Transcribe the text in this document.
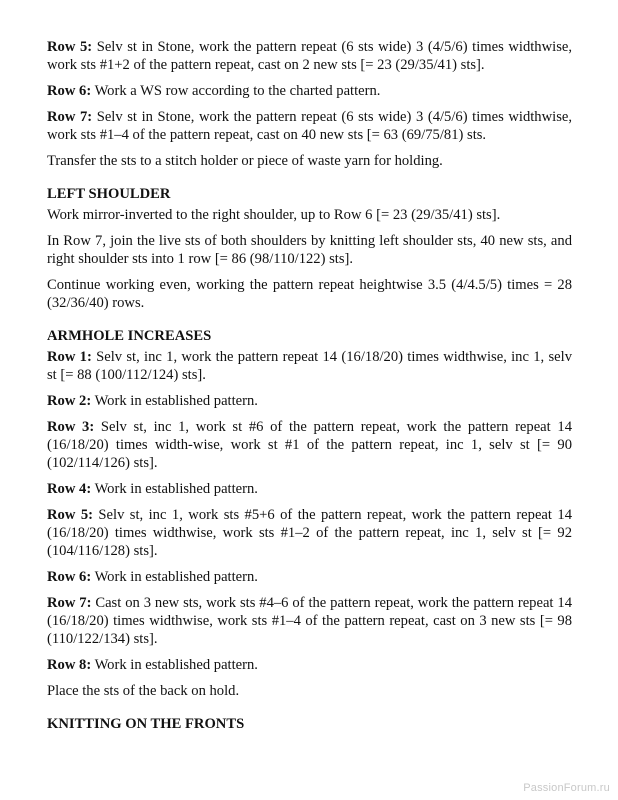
Row 5: Selv st in Stone, work the pattern repeat (6 sts wide) 3 (4/5/6) times widthwise, work sts #1+2 of the pattern repeat, cast on 2 new sts [= 23 (29/35/41) sts].

Row 6: Work a WS row according to the charted pattern.

Row 7: Selv st in Stone, work the pattern repeat (6 sts wide) 3 (4/5/6) times widthwise, work sts #1–4 of the pattern repeat, cast on 40 new sts [= 63 (69/75/81) sts.

Transfer the sts to a stitch holder or piece of waste yarn for holding.

LEFT SHOULDER

Work mirror-inverted to the right shoulder, up to Row 6 [= 23 (29/35/41) sts].

In Row 7, join the live sts of both shoulders by knitting left shoulder sts, 40 new sts, and right shoulder sts into 1 row [= 86 (98/110/122) sts].

Continue working even, working the pattern repeat heightwise 3.5 (4/4.5/5) times = 28 (32/36/40) rows.

ARMHOLE INCREASES

Row 1: Selv st, inc 1, work the pattern repeat 14 (16/18/20) times widthwise, inc 1, selv st [= 88 (100/112/124) sts].

Row 2: Work in established pattern.

Row 3: Selv st, inc 1, work st #6 of the pattern repeat, work the pattern repeat 14 (16/18/20) times width-wise, work st #1 of the pattern repeat, inc 1, selv st [= 90 (102/114/126) sts].

Row 4: Work in established pattern.

Row 5: Selv st, inc 1, work sts #5+6 of the pattern repeat, work the pattern repeat 14 (16/18/20) times widthwise, work sts #1–2 of the pattern repeat, inc 1, selv st [= 92 (104/116/128) sts].

Row 6: Work in established pattern.

Row 7: Cast on 3 new sts, work sts #4–6 of the pattern repeat, work the pattern repeat 14 (16/18/20) times widthwise, work sts #1–4 of the pattern repeat, cast on 3 new sts [= 98 (110/122/134) sts].

Row 8: Work in established pattern.

Place the sts of the back on hold.

KNITTING ON THE FRONTS
PassionForum.ru
